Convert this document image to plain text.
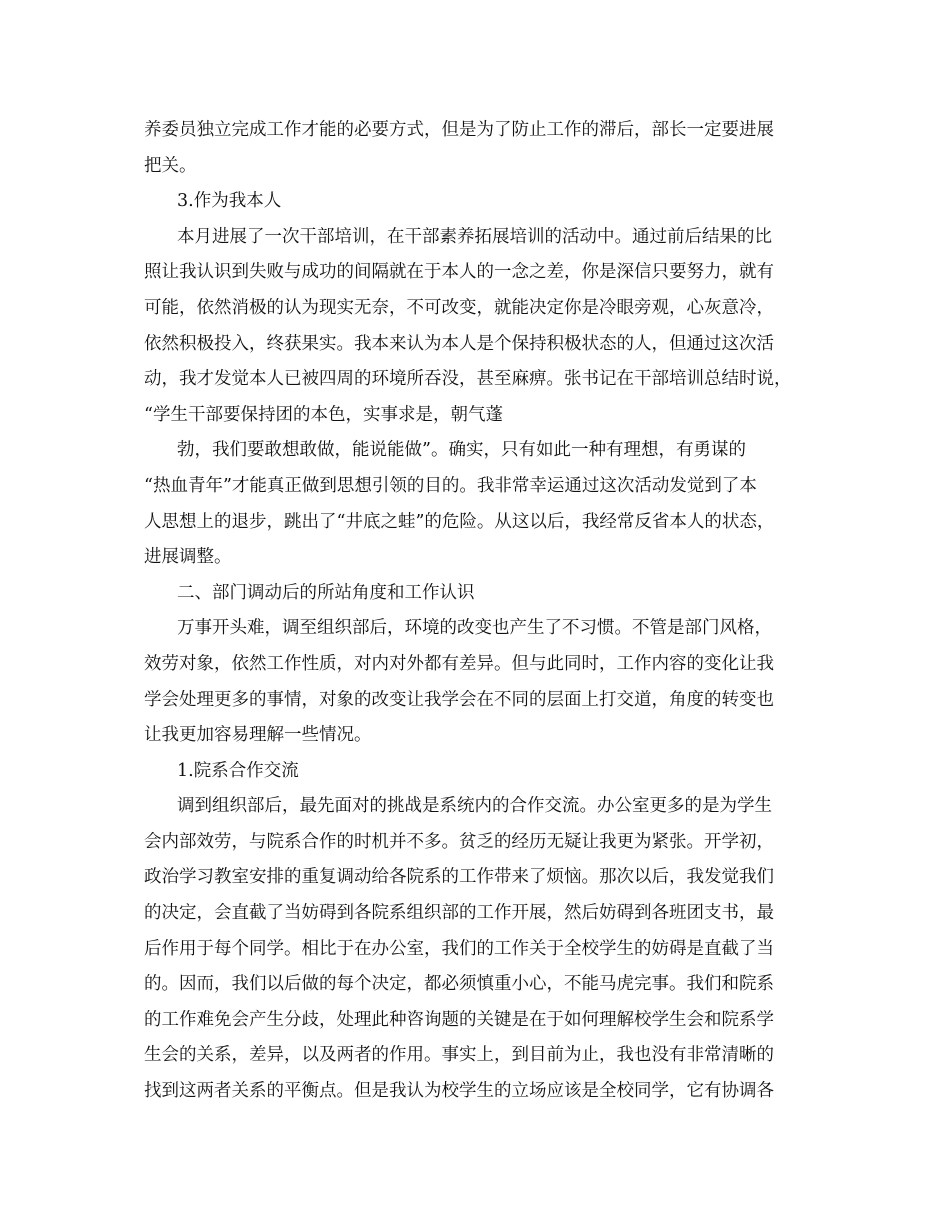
养委员独立完成工作才能的必要方式，但是为了防止工作的滞后，部长一定要进展
把关。
3.作为我本人
本月进展了一次干部培训，在干部素养拓展培训的活动中。通过前后结果的比
照让我认识到失败与成功的间隔就在于本人的一念之差，你是深信只要努力，就有
可能，依然消极的认为现实无奈，不可改变，就能决定你是冷眼旁观，心灰意冷，
依然积极投入，终获果实。我本来认为本人是个保持积极状态的人，但通过这次活
动，我才发觉本人已被四周的环境所吞没，甚至麻痹。张书记在干部培训总结时说，
“学生干部要保持团的本色，实事求是，朝气蓬
勃，我们要敢想敢做，能说能做”。确实，只有如此一种有理想，有勇谋的
“热血青年”才能真正做到思想引领的目的。我非常幸运通过这次活动发觉到了本
人思想上的退步，跳出了“井底之蛙”的危险。从这以后，我经常反省本人的状态，
进展调整。
二、部门调动后的所站角度和工作认识
万事开头难，调至组织部后，环境的改变也产生了不习惯。不管是部门风格，
效劳对象，依然工作性质，对内对外都有差异。但与此同时，工作内容的变化让我
学会处理更多的事情，对象的改变让我学会在不同的层面上打交道，角度的转变也
让我更加容易理解一些情况。
1.院系合作交流
调到组织部后，最先面对的挑战是系统内的合作交流。办公室更多的是为学生
会内部效劳，与院系合作的时机并不多。贫乏的经历无疑让我更为紧张。开学初，
政治学习教室安排的重复调动给各院系的工作带来了烦恼。那次以后，我发觉我们
的决定，会直截了当妨碍到各院系组织部的工作开展，然后妨碍到各班团支书，最
后作用于每个同学。相比于在办公室，我们的工作关于全校学生的妨碍是直截了当
的。因而，我们以后做的每个决定，都必须慎重小心，不能马虎完事。我们和院系
的工作难免会产生分歧，处理此种咨询题的关键是在于如何理解校学生会和院系学
生会的关系，差异，以及两者的作用。事实上，到目前为止，我也没有非常清晰的
找到这两者关系的平衡点。但是我认为校学生的立场应该是全校同学，它有协调各
